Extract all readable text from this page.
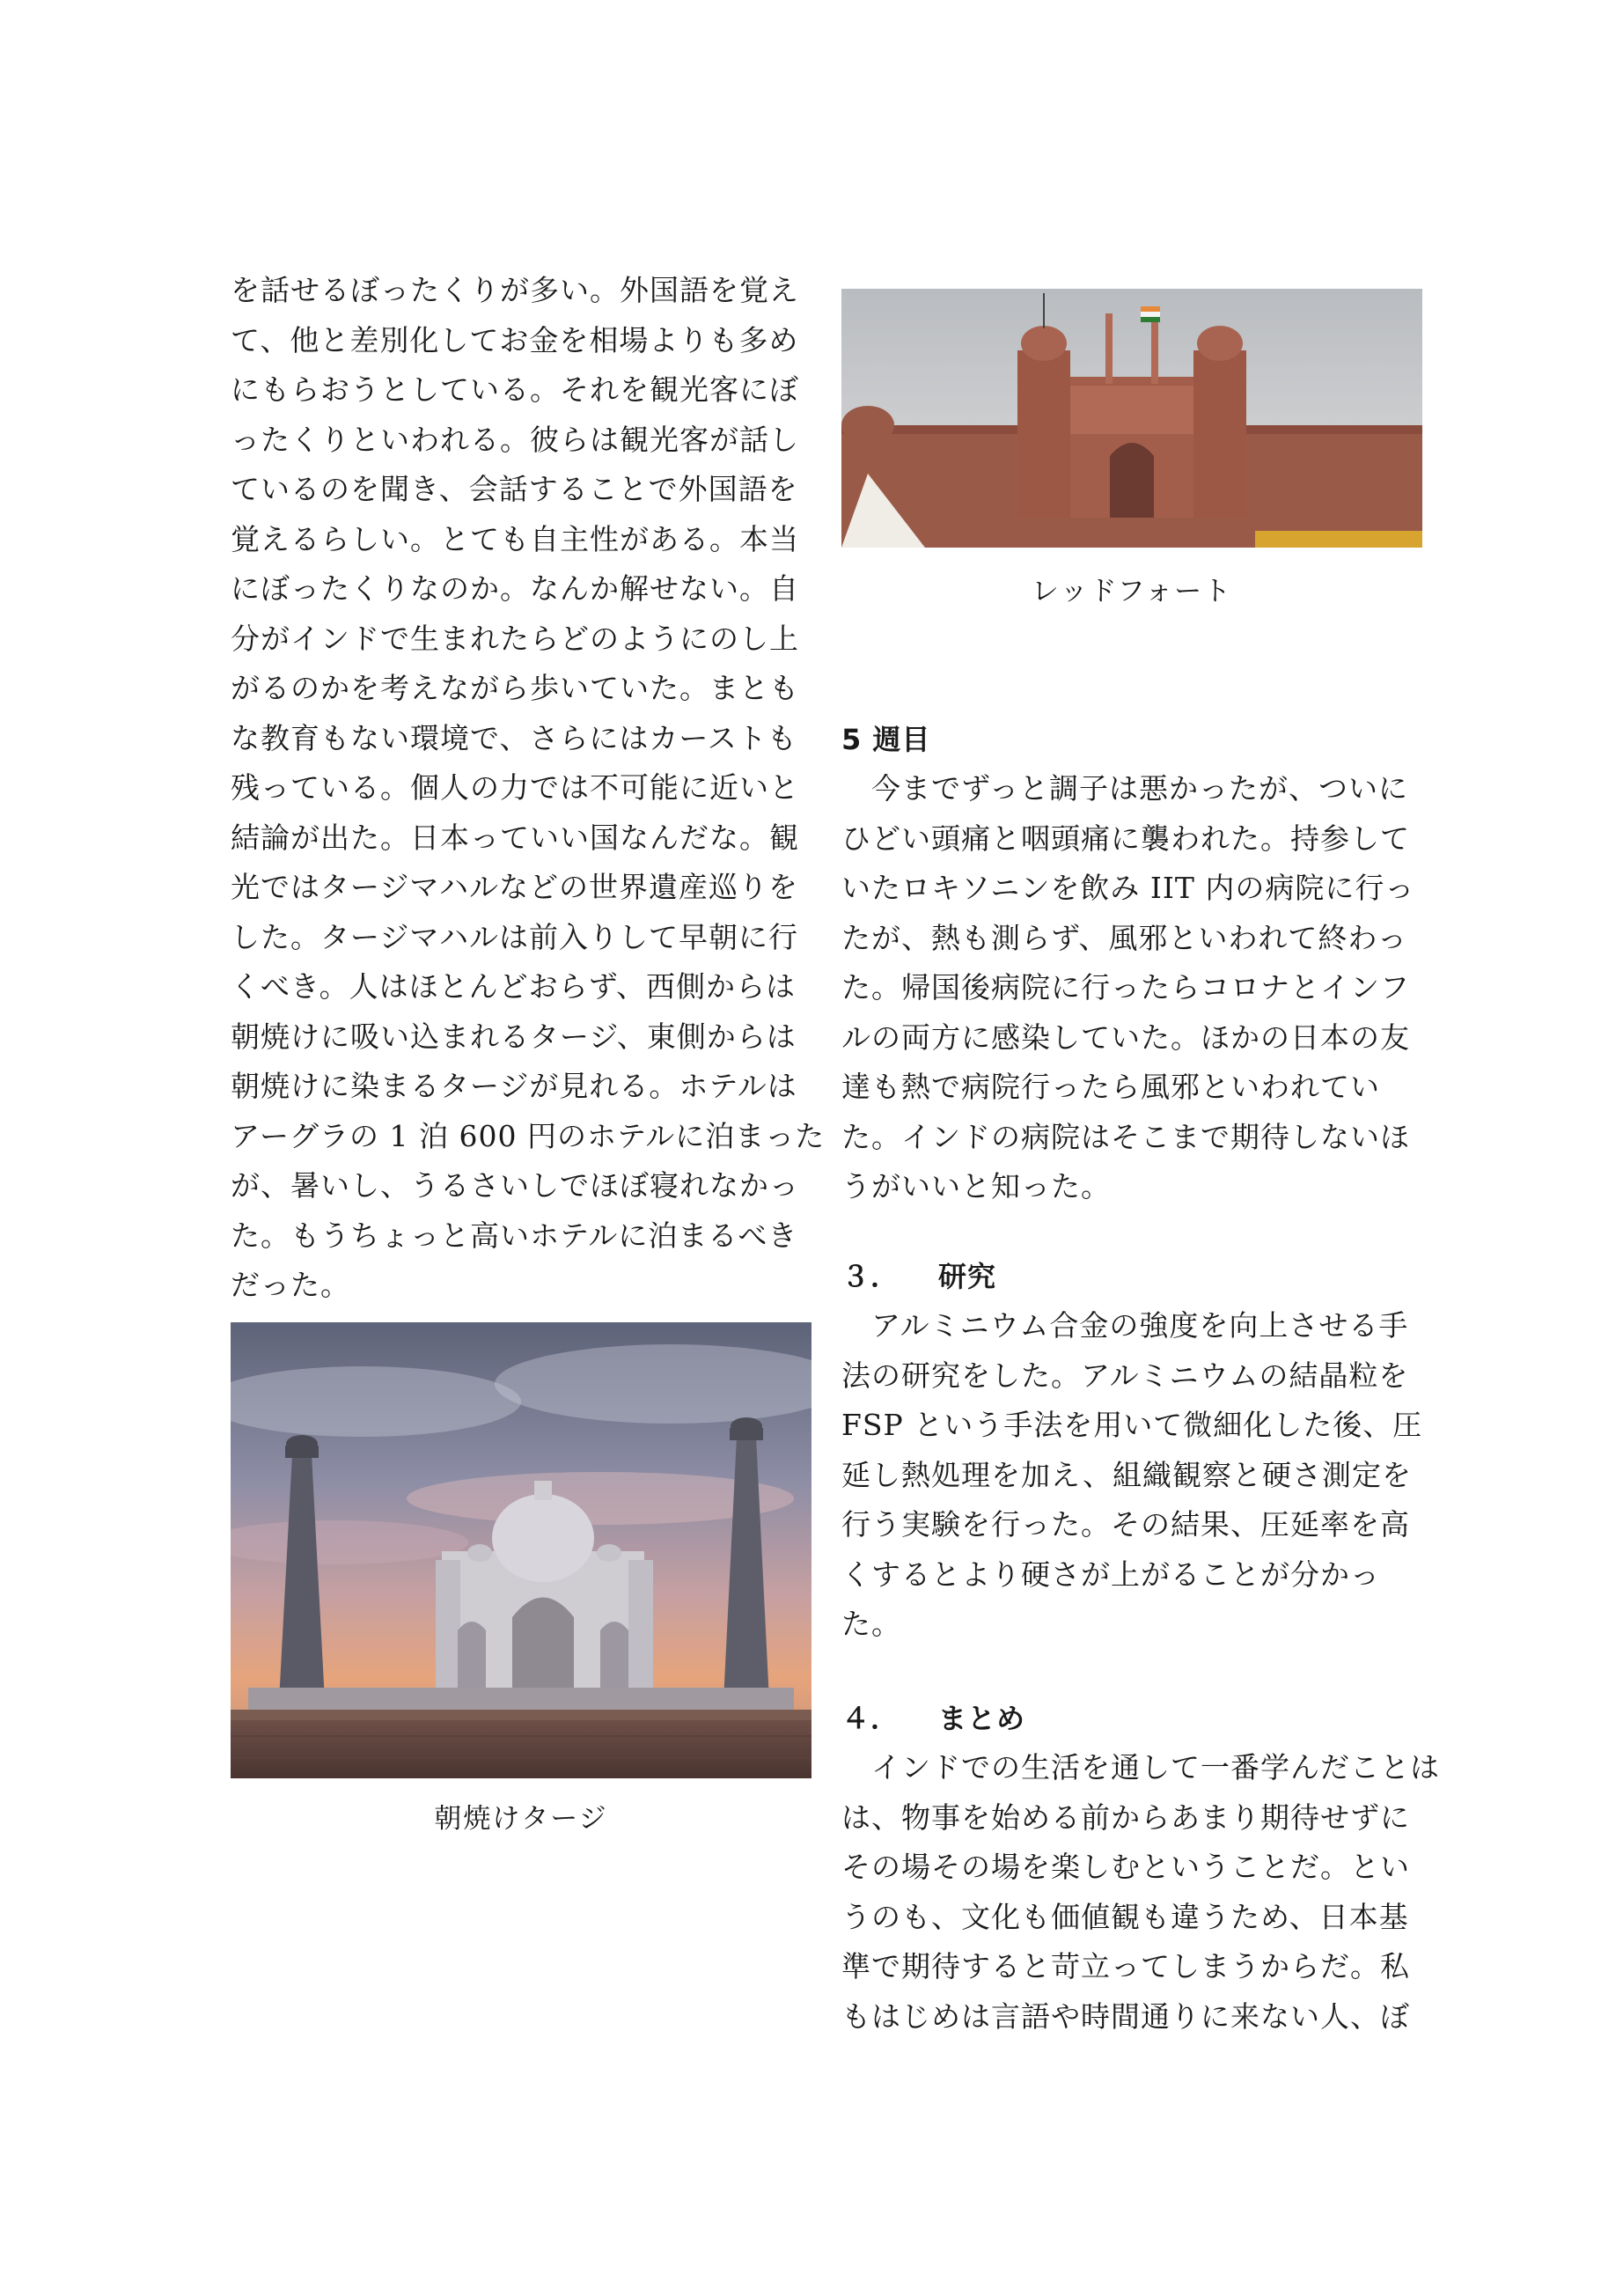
を話せるぼったくりが多い。外国語を覚え
て、他と差別化してお金を相場よりも多め
にもらおうとしている。それを観光客にぼ
ったくりといわれる。彼らは観光客が話し
ているのを聞き、会話することで外国語を
覚えるらしい。とても自主性がある。本当
にぼったくりなのか。なんか解せない。自
分がインドで生まれたらどのようにのし上
がるのかを考えながら歩いていた。まとも
な教育もない環境で、さらにはカーストも
残っている。個人の力では不可能に近いと
結論が出た。日本っていい国なんだな。観
光ではタージマハルなどの世界遺産巡りを
した。タージマハルは前入りして早朝に行
くべき。人はほとんどおらず、西側からは
朝焼けに吸い込まれるタージ、東側からは
朝焼けに染まるタージが見れる。ホテルは
アーグラの 1 泊 600 円のホテルに泊まった
が、暑いし、うるさいしでほぼ寝れなかっ
た。もうちょっと高いホテルに泊まるべき
だった。
朝焼けタージ
レッドフォート
5 週目
　今までずっと調子は悪かったが、ついに
ひどい頭痛と咽頭痛に襲われた。持参して
いたロキソニンを飲み IIT 内の病院に行っ
たが、熱も測らず、風邪といわれて終わっ
た。帰国後病院に行ったらコロナとインフ
ルの両方に感染していた。ほかの日本の友
達も熱で病院行ったら風邪といわれてい
た。インドの病院はそこまで期待しないほ
うがいいと知った。
３． 研究
　アルミニウム合金の強度を向上させる手
法の研究をした。アルミニウムの結晶粒を
FSP という手法を用いて微細化した後、圧
延し熱処理を加え、組織観察と硬さ測定を
行う実験を行った。その結果、圧延率を高
くするとより硬さが上がることが分かっ
た。
４． まとめ
　インドでの生活を通して一番学んだことは
は、物事を始める前からあまり期待せずに
その場その場を楽しむということだ。とい
うのも、文化も価値観も違うため、日本基
準で期待すると苛立ってしまうからだ。私
もはじめは言語や時間通りに来ない人、ぼ
